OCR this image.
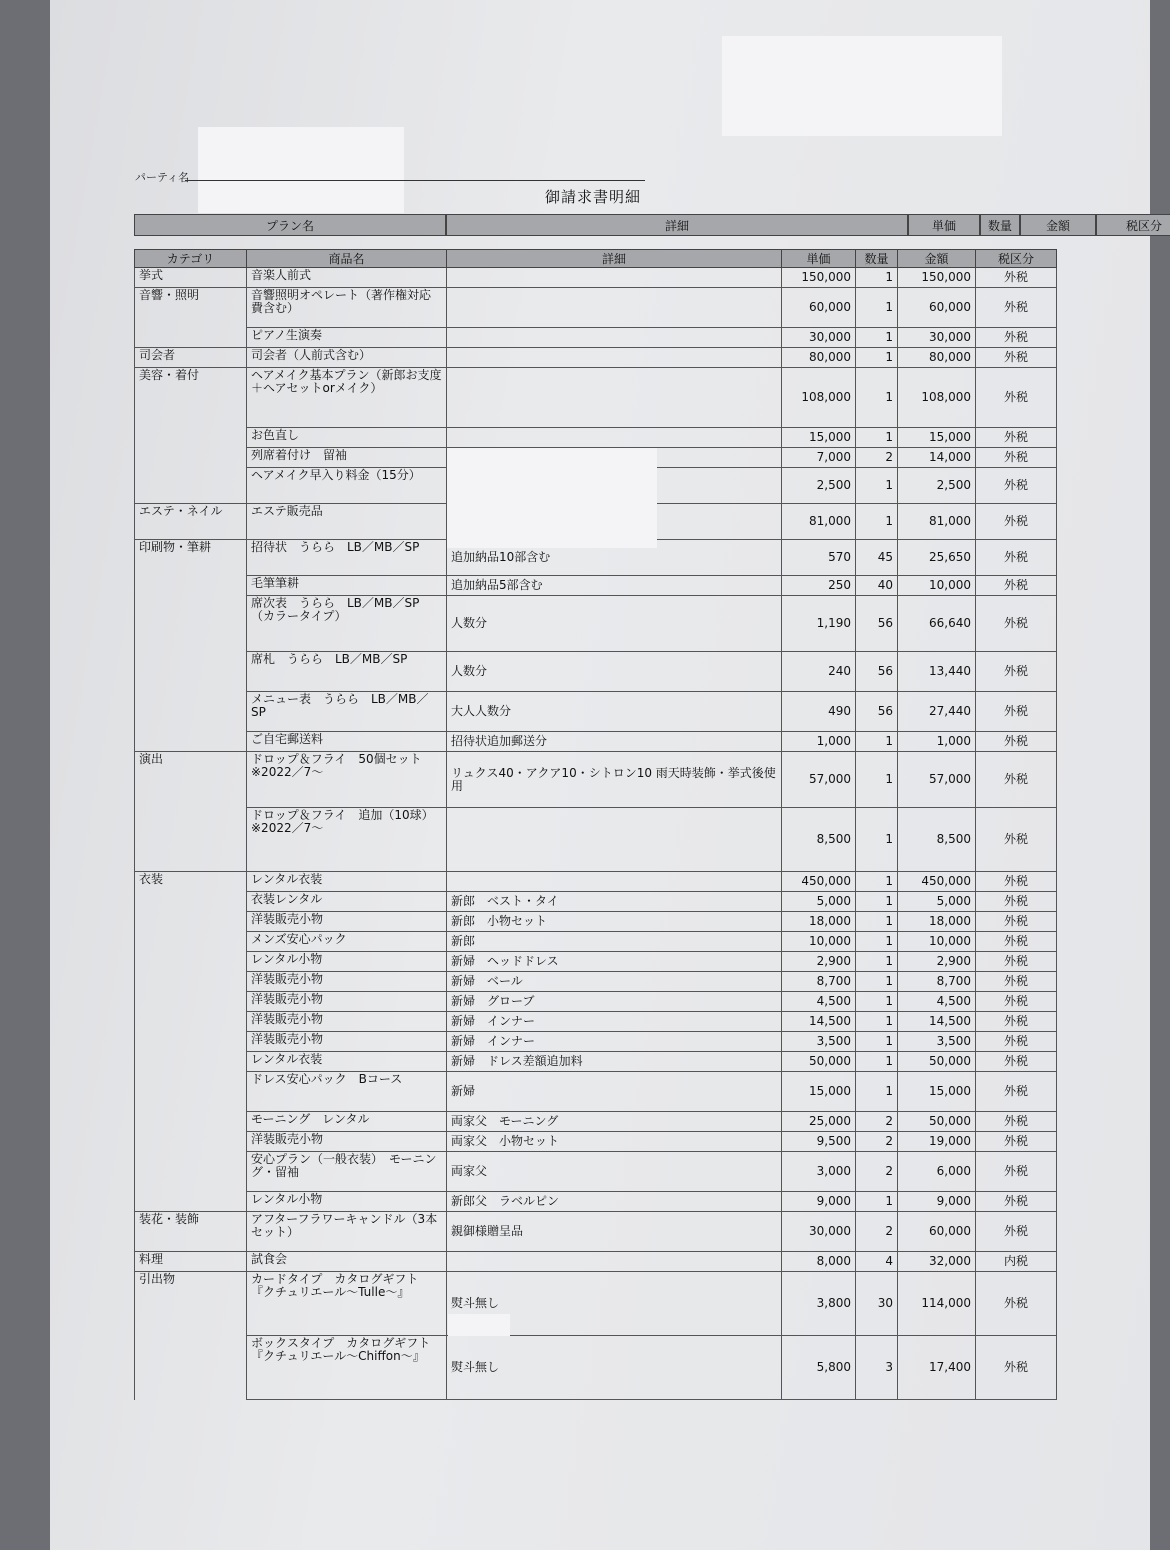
パーティ名
御請求書明細
プラン名	詳細	単価	数量	金額	税区分
カテゴリ	商品名	詳細	単価	数量	金額	税区分
挙式	音楽人前式		150,000	1	150,000	外税
音響・照明	音響照明オペレート（著作権対応費含む）		60,000	1	60,000	外税
	ピアノ生演奏		30,000	1	30,000	外税
司会者	司会者（人前式含む）		80,000	1	80,000	外税
美容・着付	ヘアメイク基本プラン（新郎お支度＋ヘアセットorメイク）		108,000	1	108,000	外税
	お色直し		15,000	1	15,000	外税
	列席着付け　留袖		7,000	2	14,000	外税
	ヘアメイク早入り料金（15分）		2,500	1	2,500	外税
エステ・ネイル	エステ販売品		81,000	1	81,000	外税
印刷物・筆耕	招待状　うらら　LB／MB／SP	追加納品10部含む	570	45	25,650	外税
	毛筆筆耕	追加納品5部含む	250	40	10,000	外税
	席次表　うらら　LB／MB／SP（カラータイプ）	人数分	1,190	56	66,640	外税
	席札　うらら　LB／MB／SP	人数分	240	56	13,440	外税
	メニュー表　うらら　LB／MB／SP	大人人数分	490	56	27,440	外税
	ご自宅郵送料	招待状追加郵送分	1,000	1	1,000	外税
演出	ドロップ＆フライ　50個セット　※2022／7〜	リュクス40・アクア10・シトロン10 雨天時装飾・挙式後使用	57,000	1	57,000	外税
	ドロップ＆フライ　追加（10球）　※2022／7〜		8,500	1	8,500	外税
衣装	レンタル衣装		450,000	1	450,000	外税
	衣装レンタル	新郎　ベスト・タイ	5,000	1	5,000	外税
	洋装販売小物	新郎　小物セット	18,000	1	18,000	外税
	メンズ安心パック	新郎	10,000	1	10,000	外税
	レンタル小物	新婦　ヘッドドレス	2,900	1	2,900	外税
	洋装販売小物	新婦　ベール	8,700	1	8,700	外税
	洋装販売小物	新婦　グローブ	4,500	1	4,500	外税
	洋装販売小物	新婦　インナー	14,500	1	14,500	外税
	洋装販売小物	新婦　インナー	3,500	1	3,500	外税
	レンタル衣装	新婦　ドレス差額追加料	50,000	1	50,000	外税
	ドレス安心パック　Bコース	新婦	15,000	1	15,000	外税
	モーニング　レンタル	両家父　モーニング	25,000	2	50,000	外税
	洋装販売小物	両家父　小物セット	9,500	2	19,000	外税
	安心プラン（一般衣装）　モーニング・留袖	両家父	3,000	2	6,000	外税
	レンタル小物	新郎父　ラベルピン	9,000	1	9,000	外税
装花・装飾	アフターフラワーキャンドル（3本セット）	親御様贈呈品	30,000	2	60,000	外税
料理	試食会		8,000	4	32,000	内税
引出物	カードタイプ　カタログギフト『クチュリエール〜Tulle〜』	熨斗無し	3,800	30	114,000	外税
	ボックスタイプ　カタログギフト『クチュリエール〜Chiffon〜』	熨斗無し	5,800	3	17,400	外税
